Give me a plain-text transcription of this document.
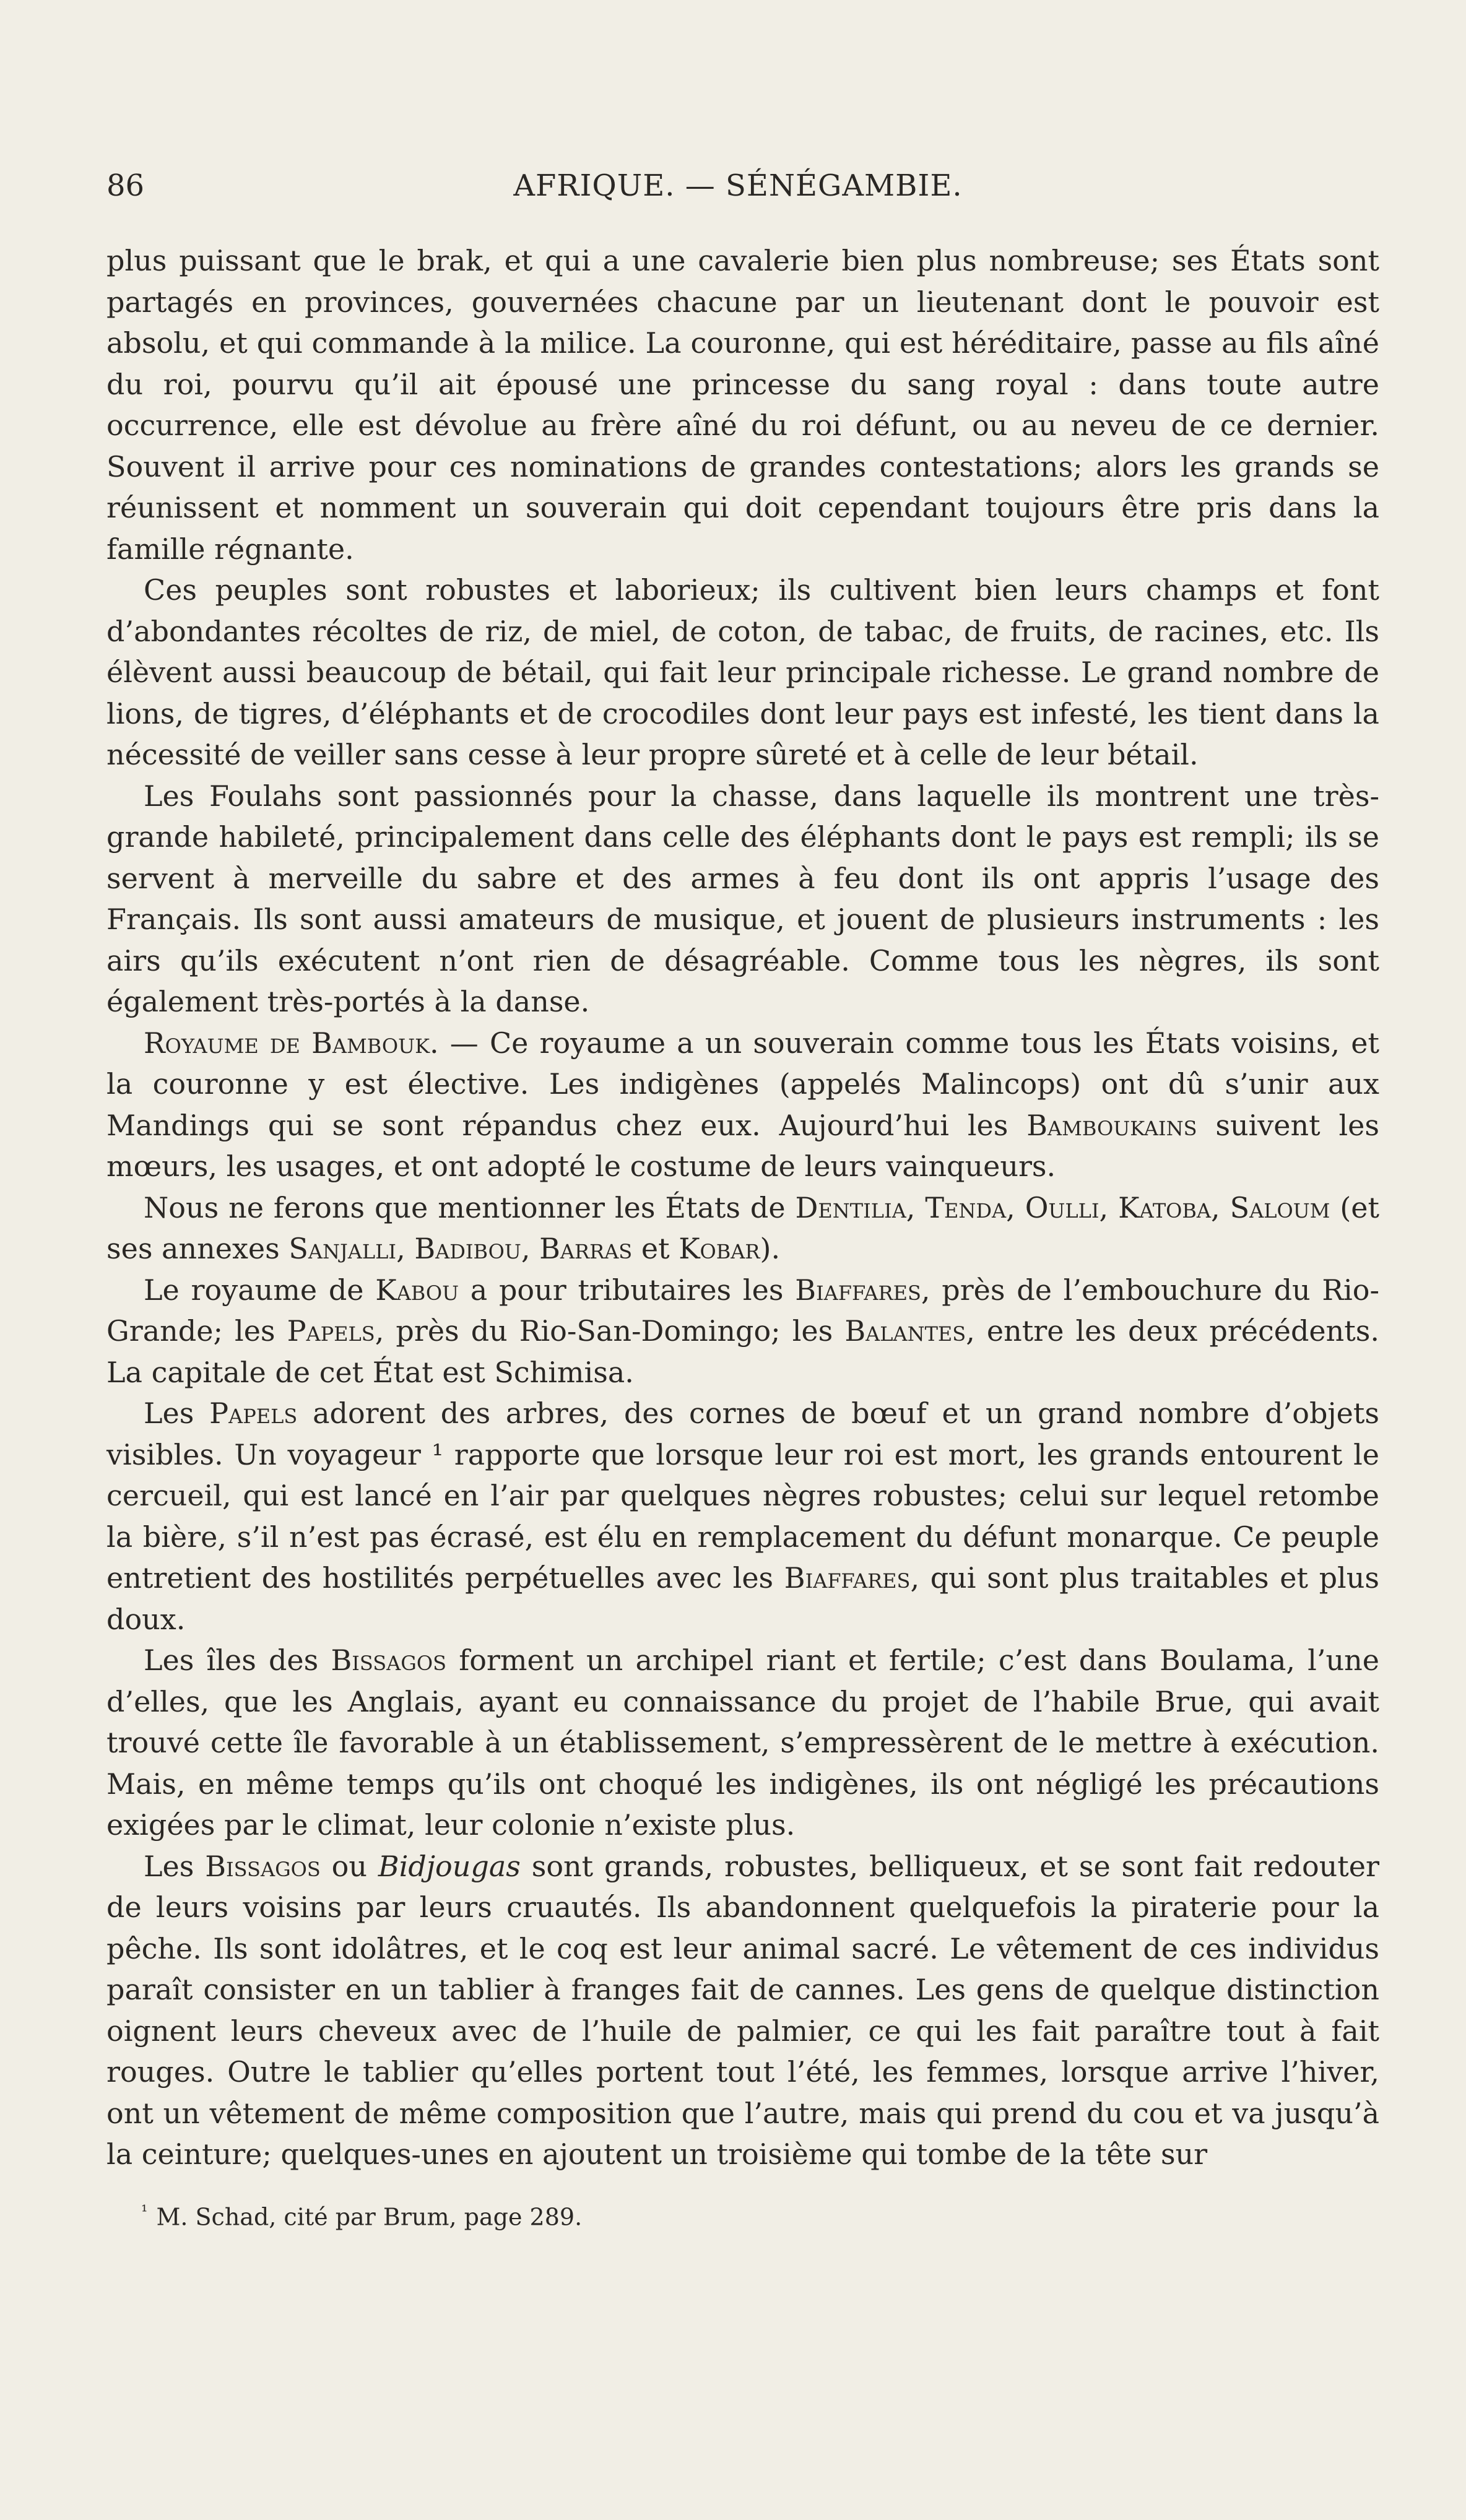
86	AFRIQUE. — SÉNÉGAMBIE.

plus puissant que le brak, et qui a une cavalerie bien plus nombreuse; ses États sont partagés en provinces, gouvernées chacune par un lieutenant dont le pouvoir est absolu, et qui commande à la milice. La couronne, qui est héréditaire, passe au fils aîné du roi, pourvu qu’il ait épousé une princesse du sang royal : dans toute autre occurrence, elle est dévolue au frère aîné du roi défunt, ou au neveu de ce dernier. Souvent il arrive pour ces nominations de grandes contestations; alors les grands se réunissent et nomment un souverain qui doit cependant toujours être pris dans la famille régnante.

Ces peuples sont robustes et laborieux; ils cultivent bien leurs champs et font d’abondantes récoltes de riz, de miel, de coton, de tabac, de fruits, de racines, etc. Ils élèvent aussi beaucoup de bétail, qui fait leur principale richesse. Le grand nombre de lions, de tigres, d’éléphants et de crocodiles dont leur pays est infesté, les tient dans la nécessité de veiller sans cesse à leur propre sûreté et à celle de leur bétail.

Les Foulahs sont passionnés pour la chasse, dans laquelle ils montrent une très-grande habileté, principalement dans celle des éléphants dont le pays est rempli; ils se servent à merveille du sabre et des armes à feu dont ils ont appris l’usage des Français. Ils sont aussi amateurs de musique, et jouent de plusieurs instruments : les airs qu’ils exécutent n’ont rien de désagréable. Comme tous les nègres, ils sont également très-portés à la danse.

Royaume de Bambouk. — Ce royaume a un souverain comme tous les États voisins, et la couronne y est élective. Les indigènes (appelés Malincops) ont dû s’unir aux Mandings qui se sont répandus chez eux. Aujourd’hui les Bamboukains suivent les mœurs, les usages, et ont adopté le costume de leurs vainqueurs.

Nous ne ferons que mentionner les États de Dentilia, Tenda, Oulli, Katoba, Saloum (et ses annexes Sanjalli, Badibou, Barras et Kobar).

Le royaume de Kabou a pour tributaires les Biaffares, près de l’embouchure du Rio-Grande; les Papels, près du Rio-San-Domingo; les Balantes, entre les deux précédents. La capitale de cet État est Schimisa.

Les Papels adorent des arbres, des cornes de bœuf et un grand nombre d’objets visibles. Un voyageur ¹ rapporte que lorsque leur roi est mort, les grands entourent le cercueil, qui est lancé en l’air par quelques nègres robustes; celui sur lequel retombe la bière, s’il n’est pas écrasé, est élu en remplacement du défunt monarque. Ce peuple entretient des hostilités perpétuelles avec les Biaffares, qui sont plus traitables et plus doux.

Les îles des Bissagos forment un archipel riant et fertile; c’est dans Boulama, l’une d’elles, que les Anglais, ayant eu connaissance du projet de l’habile Brue, qui avait trouvé cette île favorable à un établissement, s’empressèrent de le mettre à exécution. Mais, en même temps qu’ils ont choqué les indigènes, ils ont négligé les précautions exigées par le climat, leur colonie n’existe plus.

Les Bissagos ou Bidjougas sont grands, robustes, belliqueux, et se sont fait redouter de leurs voisins par leurs cruautés. Ils abandonnent quelquefois la piraterie pour la pêche. Ils sont idolâtres, et le coq est leur animal sacré. Le vêtement de ces individus paraît consister en un tablier à franges fait de cannes. Les gens de quelque distinction oignent leurs cheveux avec de l’huile de palmier, ce qui les fait paraître tout à fait rouges. Outre le tablier qu’elles portent tout l’été, les femmes, lorsque arrive l’hiver, ont un vêtement de même composition que l’autre, mais qui prend du cou et va jusqu’à la ceinture; quelques-unes en ajoutent un troisième qui tombe de la tête sur

$^{^1}$ M. Schad, cité par Brum, page 289.
